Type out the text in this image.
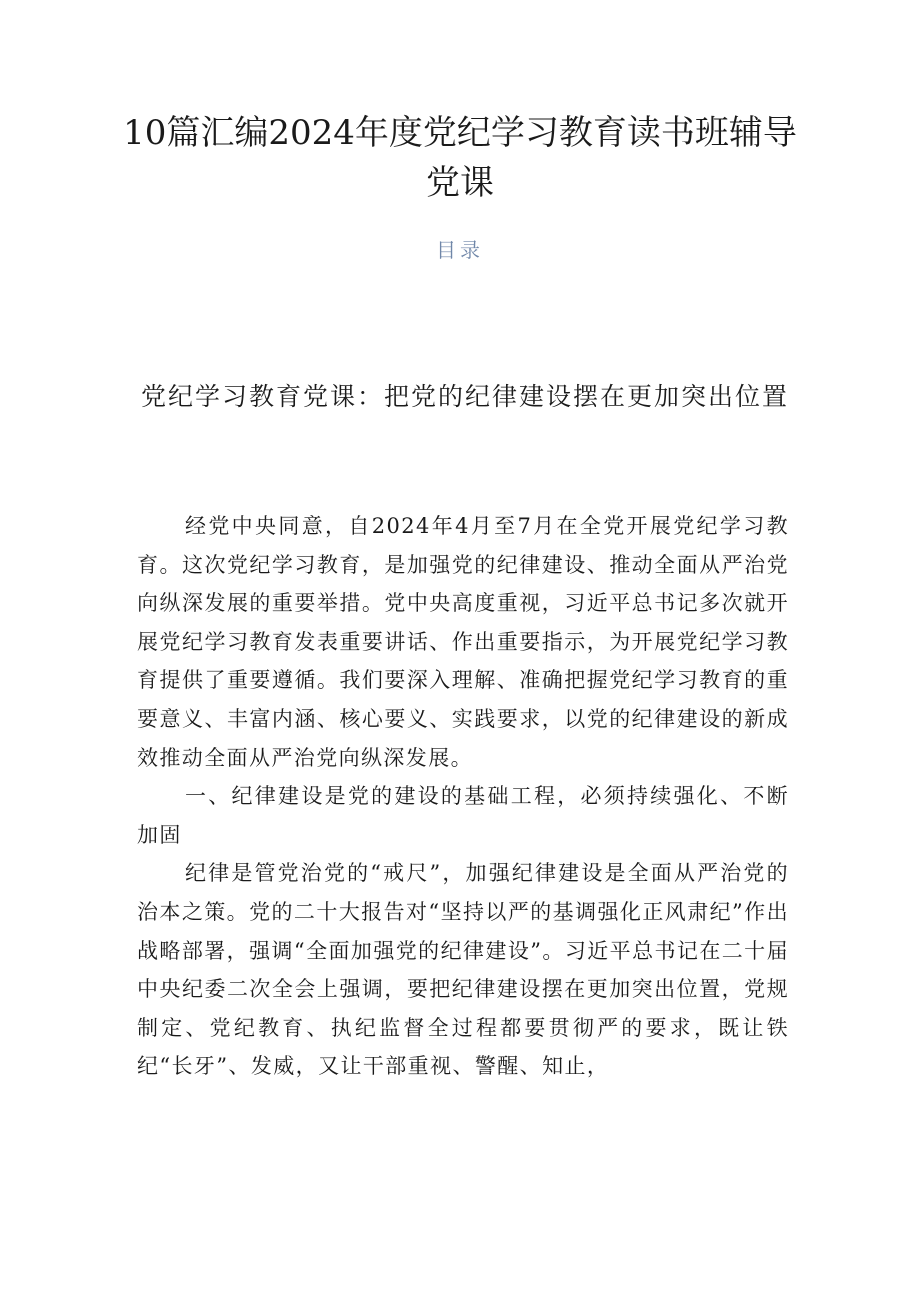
10篇汇编2024年度党纪学习教育读书班辅导党课
目录
党纪学习教育党课：把党的纪律建设摆在更加突出位置

经党中央同意，自2024年4月至7月在全党开展党纪学习教育。这次党纪学习教育，是加强党的纪律建设、推动全面从严治党向纵深发展的重要举措。党中央高度重视，习近平总书记多次就开展党纪学习教育发表重要讲话、作出重要指示，为开展党纪学习教育提供了重要遵循。我们要深入理解、准确把握党纪学习教育的重要意义、丰富内涵、核心要义、实践要求，以党的纪律建设的新成效推动全面从严治党向纵深发展。

一、纪律建设是党的建设的基础工程，必须持续强化、不断加固

纪律是管党治党的“戒尺”，加强纪律建设是全面从严治党的治本之策。党的二十大报告对“坚持以严的基调强化正风肃纪”作出战略部署，强调“全面加强党的纪律建设”。习近平总书记在二十届中央纪委二次全会上强调，要把纪律建设摆在更加突出位置，党规制定、党纪教育、执纪监督全过程都要贯彻严的要求，既让铁纪“长牙”、发威，又让干部重视、警醒、知止，
